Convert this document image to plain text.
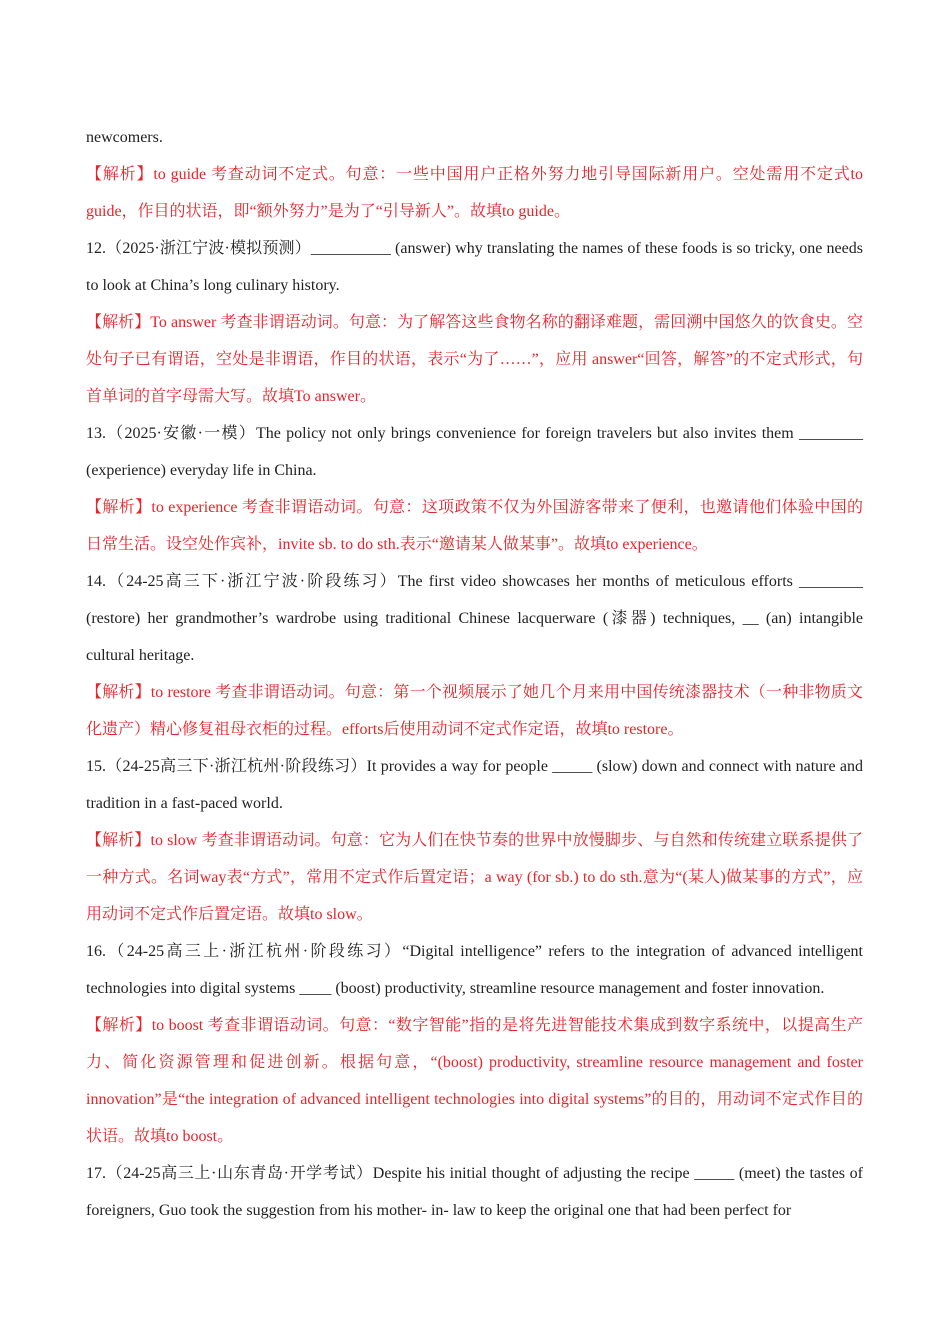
newcomers.

【解析】to guide 考查动词不定式。句意：一些中国用户正格外努力地引导国际新用户。空处需用不定式to guide，作目的状语，即“额外努力”是为了“引导新人”。故填to guide。

12.（2025·浙江宁波·模拟预测）__________ (answer) why translating the names of these foods is so tricky, one needs to look at China’s long culinary history.

【解析】To answer 考查非谓语动词。句意：为了解答这些食物名称的翻译难题，需回溯中国悠久的饮食史。空处句子已有谓语，空处是非谓语，作目的状语，表示“为了……”，应用 answer“回答，解答”的不定式形式，句首单词的首字母需大写。故填To answer。

13.（2025·安徽·一模）The policy not only brings convenience for foreign travelers but also invites them ________ (experience) everyday life in China.

【解析】to experience 考查非谓语动词。句意：这项政策不仅为外国游客带来了便利，也邀请他们体验中国的日常生活。设空处作宾补，invite sb. to do sth.表示“邀请某人做某事”。故填to experience。

14.（24-25高三下·浙江宁波·阶段练习）The first video showcases her months of meticulous efforts ________ (restore) her grandmother’s wardrobe using traditional Chinese lacquerware (漆器) techniques, __ (an) intangible cultural heritage.

【解析】to restore 考查非谓语动词。句意：第一个视频展示了她几个月来用中国传统漆器技术（一种非物质文化遗产）精心修复祖母衣柜的过程。efforts后使用动词不定式作定语，故填to restore。

15.（24-25高三下·浙江杭州·阶段练习）It provides a way for people _____ (slow) down and connect with nature and tradition in a fast-paced world.

【解析】to slow 考查非谓语动词。句意：它为人们在快节奏的世界中放慢脚步、与自然和传统建立联系提供了一种方式。名词way表“方式”，常用不定式作后置定语；a way (for sb.) to do sth.意为“(某人)做某事的方式”，应用动词不定式作后置定语。故填to slow。

16.（24-25高三上·浙江杭州·阶段练习）“Digital intelligence” refers to the integration of advanced intelligent technologies into digital systems ____ (boost) productivity, streamline resource management and foster innovation.

【解析】to boost 考查非谓语动词。句意：“数字智能”指的是将先进智能技术集成到数字系统中，以提高生产力、简化资源管理和促进创新。根据句意，“(boost) productivity, streamline resource management and foster innovation”是“the integration of advanced intelligent technologies into digital systems”的目的，用动词不定式作目的状语。故填to boost。

17.（24-25高三上·山东青岛·开学考试）Despite his initial thought of adjusting the recipe _____ (meet) the tastes of foreigners, Guo took the suggestion from his mother- in- law to keep the original one that had been perfect for
